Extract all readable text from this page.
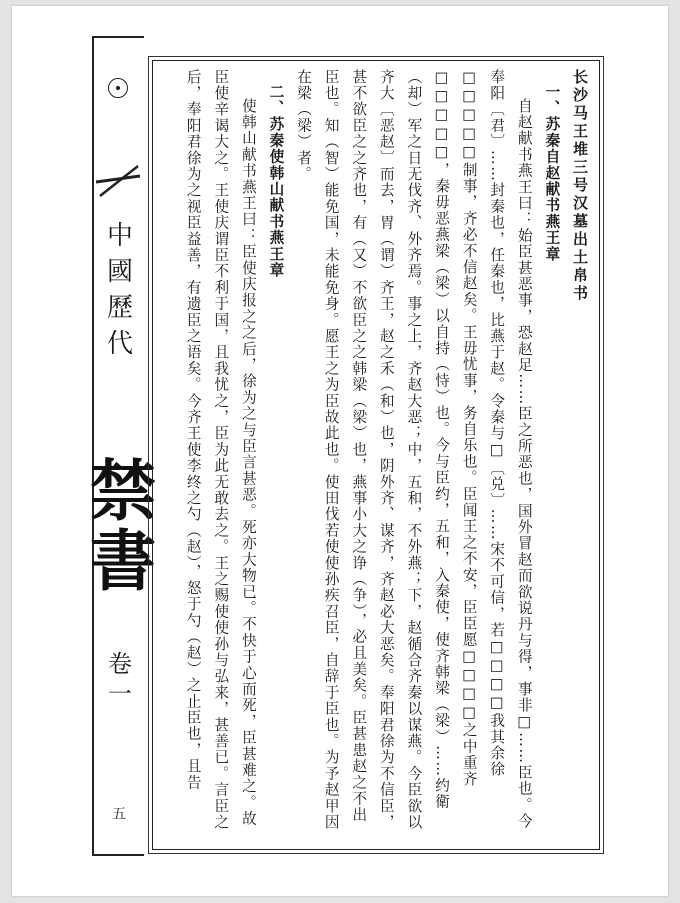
中國歷代
禁書
卷一
五

长沙马王堆三号汉墓出土帛书

一、苏秦自赵献书燕王章

自赵献书燕王曰：始臣甚恶事，恐赵足……臣之所恶也，国外冒赵而欲说丹与得，事非□……臣也。今奉阳〔君〕……封秦也，任秦也，比燕于赵。令秦与□〔兑〕……宋不可信，若□□□□我其余徐□□□□□制事，齐必不信赵矣。王毋忧事，务自乐也。臣闻王之不安，臣臣愿□□□□之中重齐□□□□□，秦毋恶燕梁（梁）以自持（恃）也。今与臣约，五和，入秦使，使齐韩梁（梁）……约衛（却）军之日无伐齐、外齐焉。事之上，齐赵大恶；中，五和，不外燕；下，赵循合齐秦以谋燕。今臣欲以齐大〔恶赵〕而去，胃（谓）齐王，赵之禾（和）也，阴外齐、谋齐，齐赵必大恶矣。奉阳君徐为不信臣，甚不欲臣之之齐也，有（又）不欲臣之之韩梁（梁）也，燕事小大之诤（争），必且美矣。臣甚患赵之不出臣也。知（智）能免国，未能免身。愿王之为臣故此也。使田伐若使使孙疾召臣，自辞于臣也。为予赵甲因在梁（梁）者。

二、苏秦使韩山献书燕王章

使韩山献书燕王曰：臣使庆报之之后，徐为之与臣言甚恶。死亦大物已。不快于心而死，臣甚难之。故臣使辛谒大之。王使庆谓臣不利于国，且我忧之，臣为此无敢去之。王之赐使使孙与弘来，甚善已。言臣之后，奉阳君徐为之视臣益善，有遗臣之语矣。今齐王使李终之勺（赵），怒于勺（赵）之止臣也，且告
